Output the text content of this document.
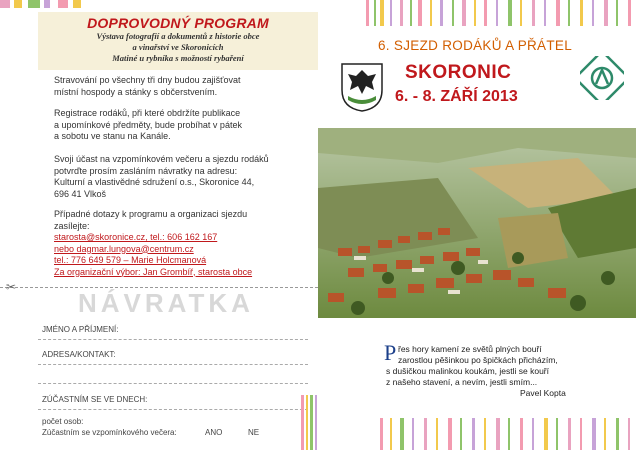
DOPROVODNÝ PROGRAM
Výstava fotografií a dokumentů z historie obce
a vinařství ve Skoronicích
Matiné u rybníka s možností rybaření
Stravování po všechny tři dny budou zajišťovat
místní hospody a stánky s občerstvením.
Registrace rodáků, při které obdržíte publikace
a upomínkové předměty, bude probíhat v pátek
a sobotu ve stanu na Kanále.
Svoji účast na vzpomínkovém večeru a sjezdu rodáků
potvrďte prosím zasláním návratky na adresu:
Kulturní a vlastivědné sdružení o.s., Skoronice 44,
696 41 Vlkoš
Případné dotazy k programu a organizaci sjezdu
zasílejte:
starosta@skoronice.cz, tel.: 606 162 167
nebo dagmar.lungova@centrum.cz
tel.: 776 649 579 – Marie Holcmanová
Za organizační výbor: Jan Grombíř, starosta obce
✂
NÁVRATKA
JMÉNO A PŘÍJMENÍ:
ADRESA/KONTAKT:
ZÚČASTNÍM SE VE DNECH:
počet osob:
Zúčastním se vzpomínkového večera:	ANO	NE
6. SJEZD RODÁKŮ A PŘÁTEL
SKORONIC
6. - 8. ZÁŘÍ 2013
P řes hory kamení ze světů plných bouří
zarostlou pěšinkou po špičkách přicházím,
s dušičkou malinkou koukám, jestli se kouří
z našeho stavení, a nevím, jestli smím...
Pavel Kopta
